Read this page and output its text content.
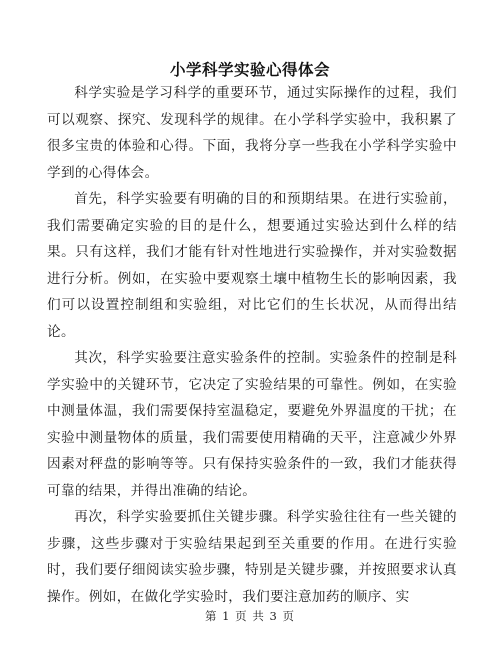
小学科学实验心得体会

科学实验是学习科学的重要环节，通过实际操作的过程，我们可以观察、探究、发现科学的规律。在小学科学实验中，我积累了很多宝贵的体验和心得。下面，我将分享一些我在小学科学实验中学到的心得体会。

首先，科学实验要有明确的目的和预期结果。在进行实验前，我们需要确定实验的目的是什么，想要通过实验达到什么样的结果。只有这样，我们才能有针对性地进行实验操作，并对实验数据进行分析。例如，在实验中要观察土壤中植物生长的影响因素，我们可以设置控制组和实验组，对比它们的生长状况，从而得出结论。

其次，科学实验要注意实验条件的控制。实验条件的控制是科学实验中的关键环节，它决定了实验结果的可靠性。例如，在实验中测量体温，我们需要保持室温稳定，要避免外界温度的干扰；在实验中测量物体的质量，我们需要使用精确的天平，注意减少外界因素对秤盘的影响等等。只有保持实验条件的一致，我们才能获得可靠的结果，并得出准确的结论。

再次，科学实验要抓住关键步骤。科学实验往往有一些关键的步骤，这些步骤对于实验结果起到至关重要的作用。在进行实验时，我们要仔细阅读实验步骤，特别是关键步骤，并按照要求认真操作。例如，在做化学实验时，我们要注意加药的顺序、实

第 1 页 共 3 页
